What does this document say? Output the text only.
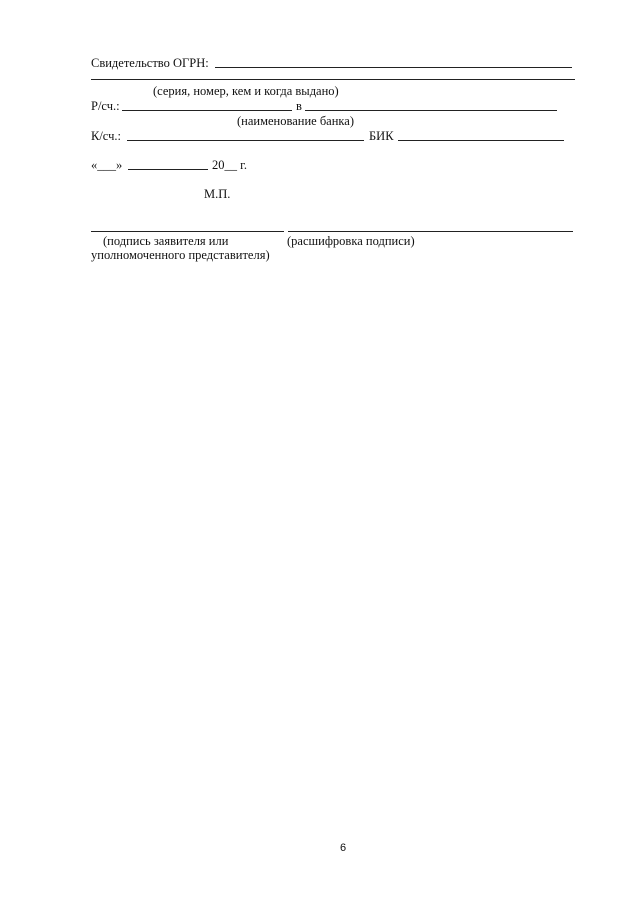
Свидетельство ОГРН:
(серия, номер, кем и когда выдано)
Р/сч.:	в
(наименование банка)
К/сч.:	БИК
«___»	20__ г.
М.П.
(подпись заявителя или	(расшифровка подписи)
уполномоченного представителя)
6
